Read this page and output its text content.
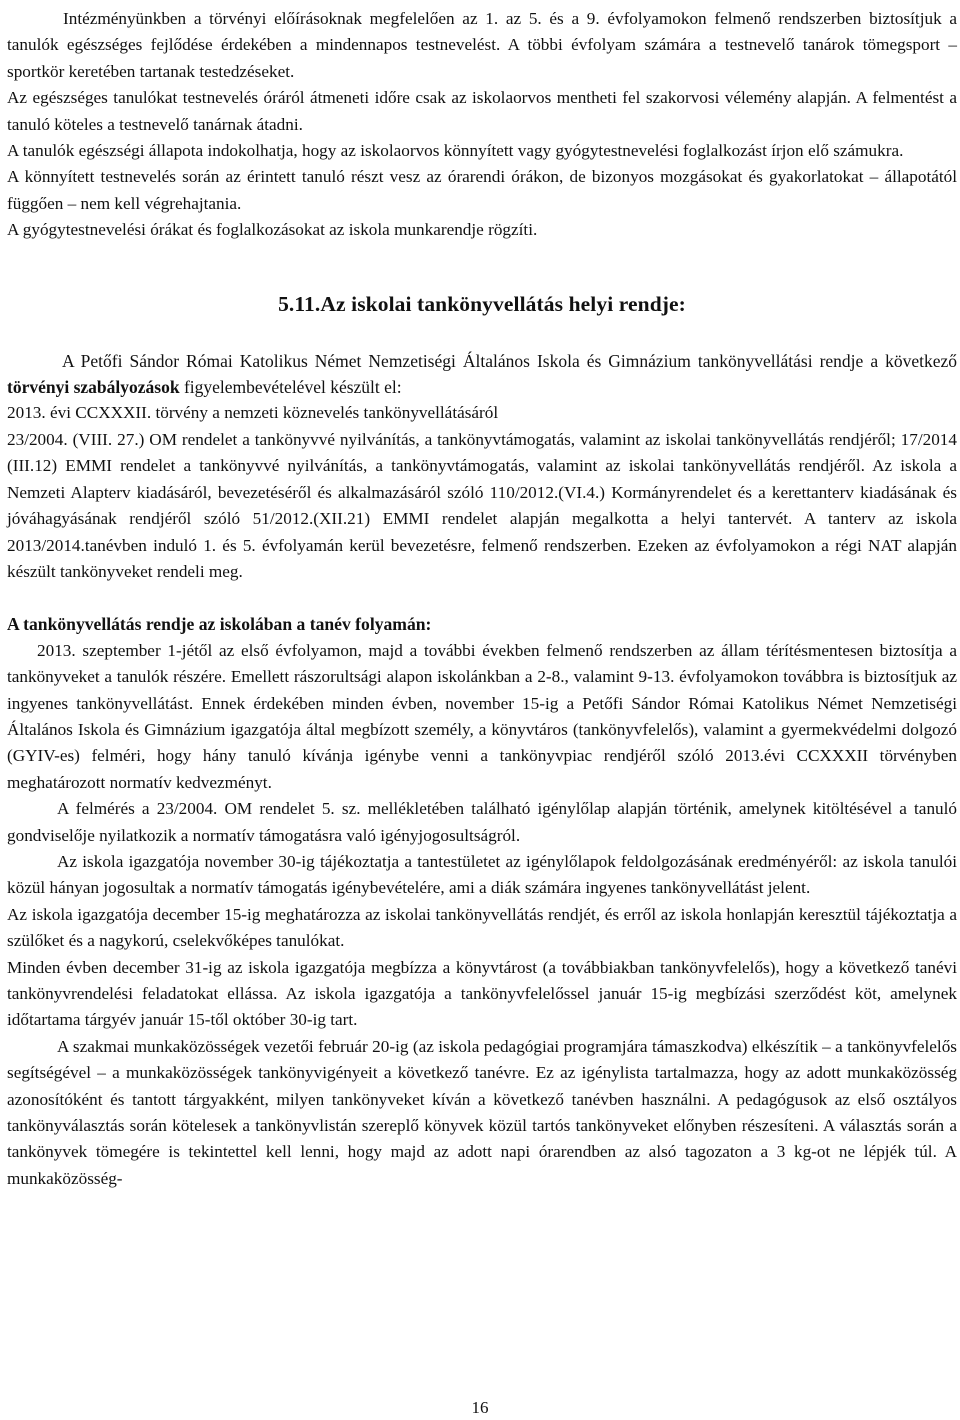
Intézményünkben a törvényi előírásoknak megfelelően az 1. az 5. és a 9. évfolyamokon felmenő rendszerben biztosítjuk a tanulók egészséges fejlődése érdekében a mindennapos testnevelést. A többi évfolyam számára a testnevelő tanárok tömegsport – sportkör keretében tartanak testedzéseket.

Az egészséges tanulókat testnevelés óráról átmeneti időre csak az iskolaorvos mentheti fel szakorvosi vélemény alapján. A felmentést a tanuló köteles a testnevelő tanárnak átadni.

A tanulók egészségi állapota indokolhatja, hogy az iskolaorvos könnyített vagy gyógytestnevelési foglalkozást írjon elő számukra.

A könnyített testnevelés során az érintett tanuló részt vesz az órarendi órákon, de bizonyos mozgásokat és gyakorlatokat – állapotától függően – nem kell végrehajtania.

A gyógytestnevelési órákat és foglalkozásokat az iskola munkarendje rögzíti.

5.11.Az iskolai tankönyvellátás helyi rendje:

A Petőfi Sándor Római Katolikus Német Nemzetiségi Általános Iskola és Gimnázium tankönyvellátási rendje a következő törvényi szabályozások figyelembevételével készült el:

2013. évi CCXXXII. törvény a nemzeti köznevelés tankönyvellátásáról

23/2004. (VIII. 27.) OM rendelet a tankönyvvé nyilvánítás, a tankönyvtámogatás, valamint az iskolai tankönyvellátás rendjéről; 17/2014 (III.12) EMMI rendelet a tankönyvvé nyilvánítás, a tankönyvtámogatás, valamint az iskolai tankönyvellátás rendjéről. Az iskola a Nemzeti Alapterv kiadásáról, bevezetéséről és alkalmazásáról szóló 110/2012.(VI.4.) Kormányrendelet és a kerettanterv kiadásának és jóváhagyásának rendjéről szóló 51/2012.(XII.21) EMMI rendelet alapján megalkotta a helyi tantervét. A tanterv az iskola 2013/2014.tanévben induló 1. és 5. évfolyamán kerül bevezetésre, felmenő rendszerben. Ezeken az évfolyamokon a régi NAT alapján készült tankönyveket rendeli meg.

A tankönyvellátás rendje az iskolában a tanév folyamán:

2013. szeptember 1-jétől az első évfolyamon, majd a további években felmenő rendszerben az állam térítésmentesen biztosítja a tankönyveket a tanulók részére. Emellett rászorultsági alapon iskolánkban a 2-8., valamint 9-13. évfolyamokon továbbra is biztosítjuk az ingyenes tankönyvellátást. Ennek érdekében minden évben, november 15-ig a Petőfi Sándor Római Katolikus Német Nemzetiségi Általános Iskola és Gimnázium igazgatója által megbízott személy, a könyvtáros (tankönyvfelelős), valamint a gyermekvédelmi dolgozó (GYIV-es) felméri, hogy hány tanuló kívánja igénybe venni a tankönyvpiac rendjéről szóló 2013.évi CCXXXII törvényben meghatározott normatív kedvezményt.

A felmérés a 23/2004. OM rendelet 5. sz. mellékletében található igénylőlap alapján történik, amelynek kitöltésével a tanuló gondviselője nyilatkozik a normatív támogatásra való igényjogosultságról.

Az iskola igazgatója november 30-ig tájékoztatja a tantestületet az igénylőlapok feldolgozásának eredményéről: az iskola tanulói közül hányan jogosultak a normatív támogatás igénybevételére, ami a diák számára ingyenes tankönyvellátást jelent.

Az iskola igazgatója december 15-ig meghatározza az iskolai tankönyvellátás rendjét, és erről az iskola honlapján keresztül tájékoztatja a szülőket és a nagykorú, cselekvőképes tanulókat.

Minden évben december 31-ig az iskola igazgatója megbízza a könyvtárost (a továbbiakban tankönyvfelelős), hogy a következő tanévi tankönyvrendelési feladatokat ellássa. Az iskola igazgatója a tankönyvfelelőssel január 15-ig megbízási szerződést köt, amelynek időtartama tárgyév január 15-től október 30-ig tart.

A szakmai munkaközösségek vezetői február 20-ig (az iskola pedagógiai programjára támaszkodva) elkészítik – a tankönyvfelelős segítségével – a munkaközösségek tankönyvigényeit a következő tanévre. Ez az igénylista tartalmazza, hogy az adott munkaközösség azonosítóként és tantott tárgyakként, milyen tankönyveket kíván a következő tanévben használni. A pedagógusok az első osztályos tankönyválasztás során kötelesek a tankönyvlistán szereplő könyvek közül tartós tankönyveket előnyben részesíteni. A választás során a tankönyvek tömegére is tekintettel kell lenni, hogy majd az adott napi órarendben az alsó tagozaton a 3 kg-ot ne lépjék túl. A munkaközösség-

16
